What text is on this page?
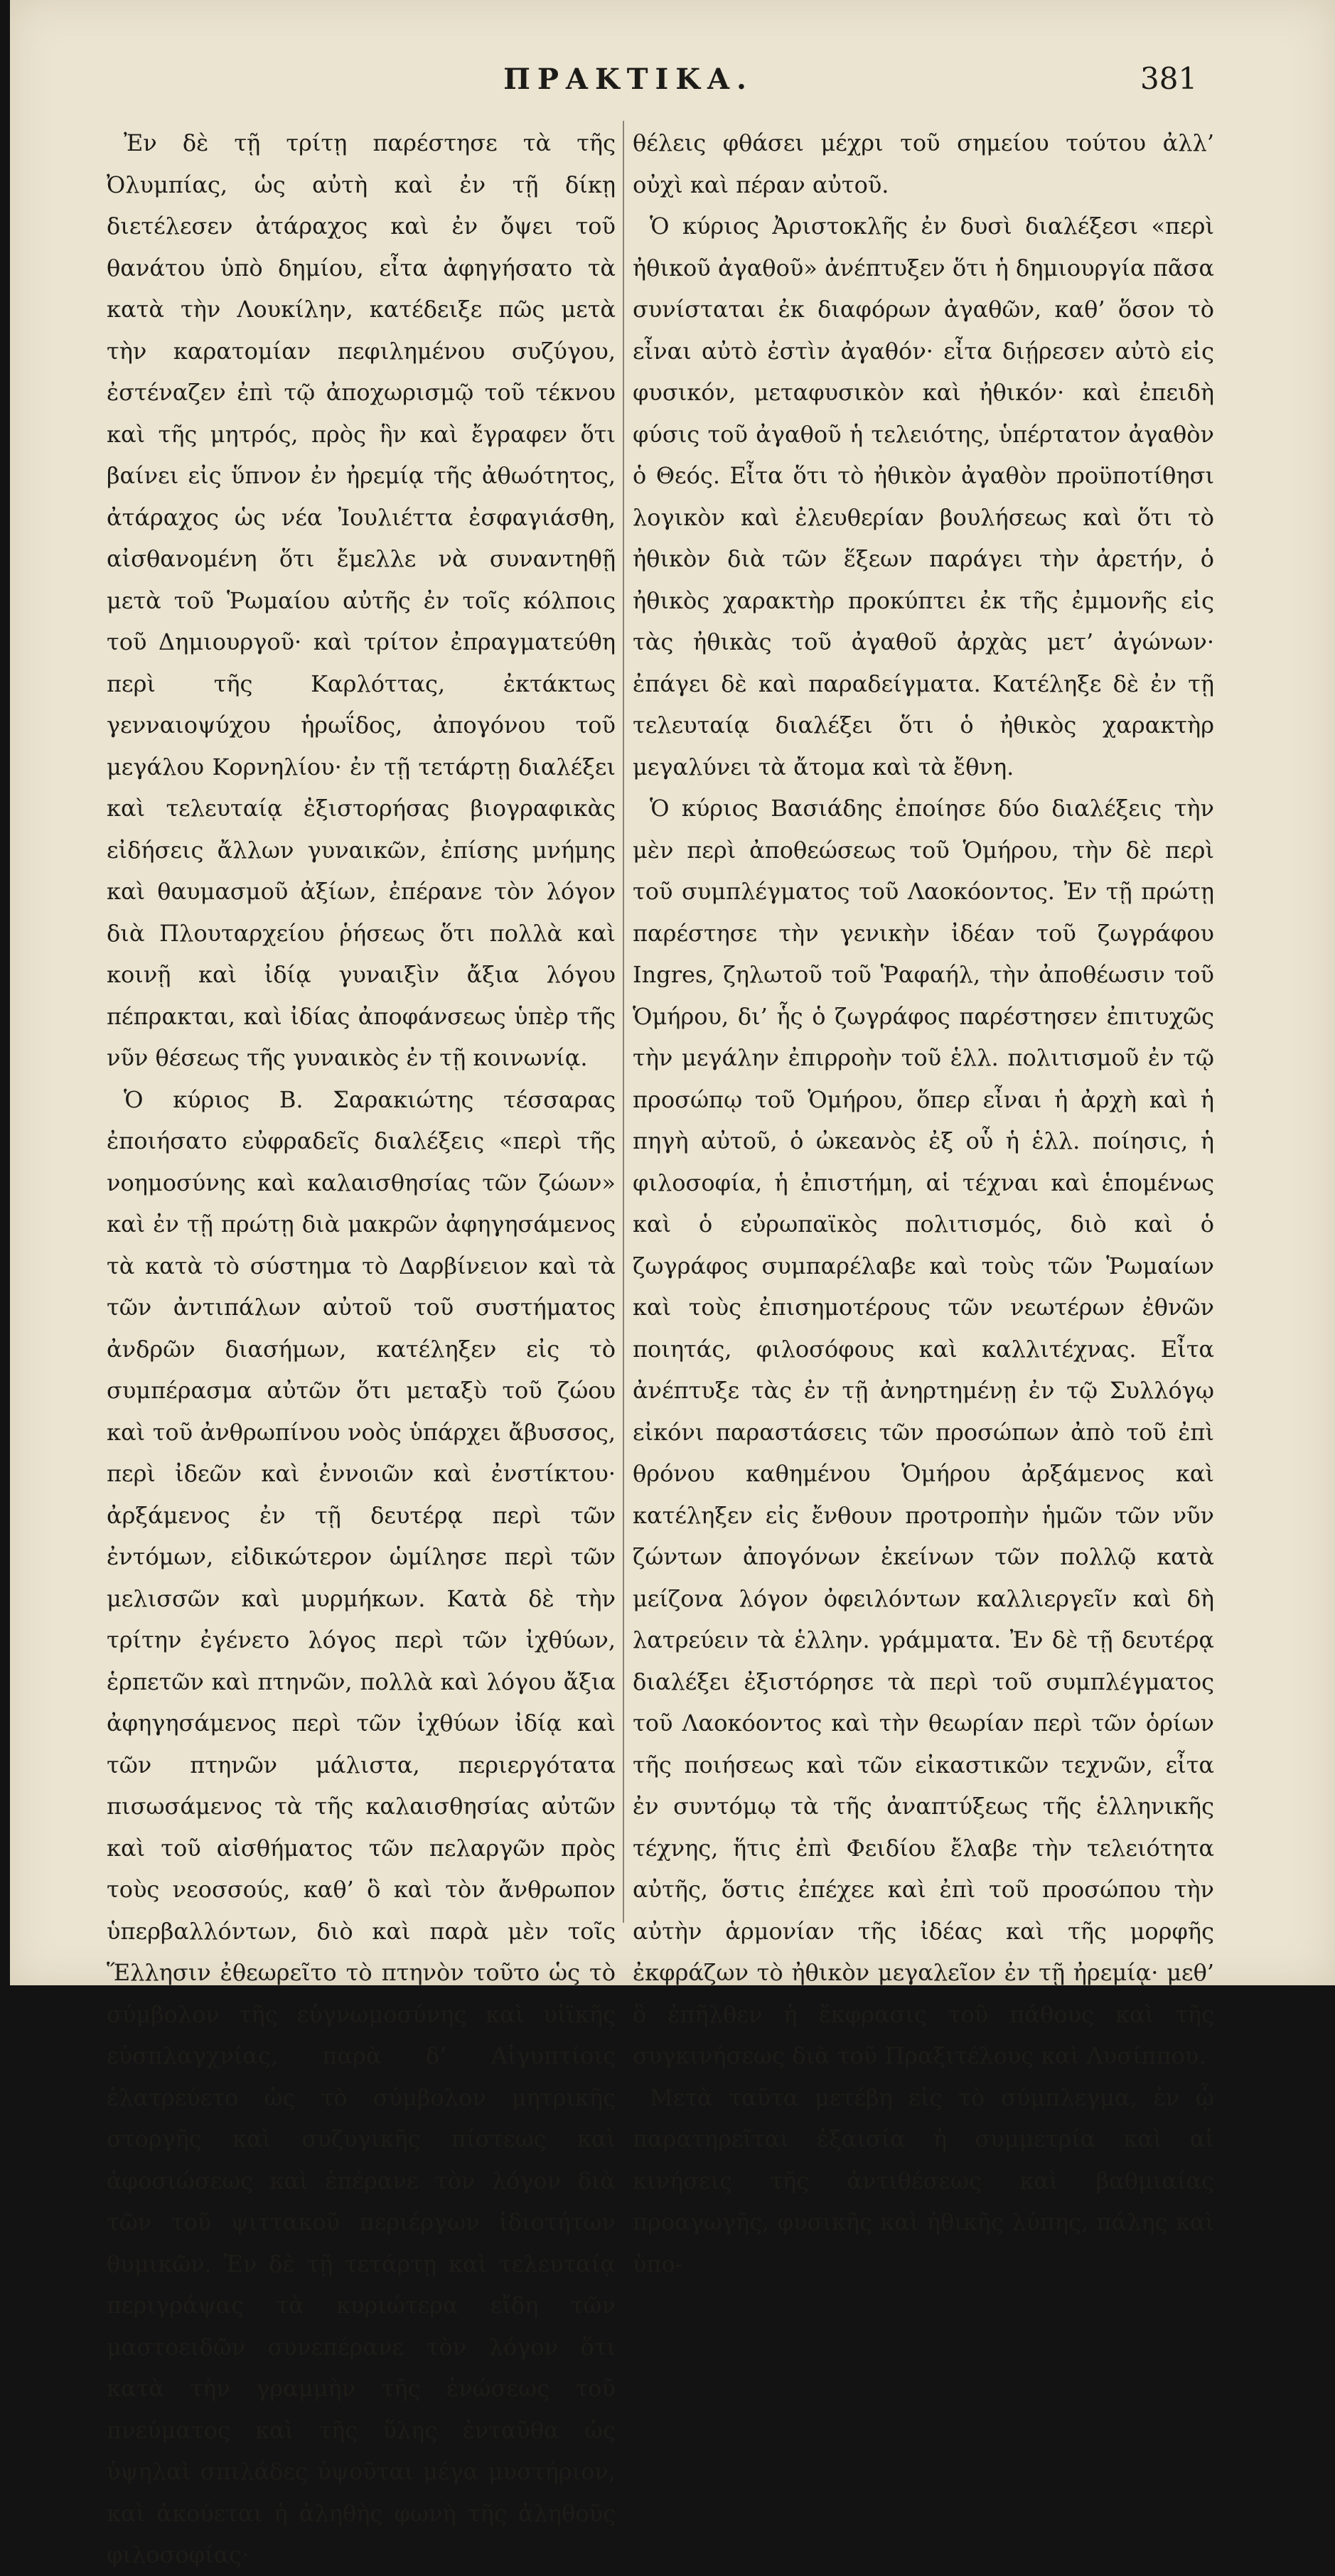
ΠΡΑΚΤΙΚΑ.	381

Ἐν δὲ τῇ τρίτῃ παρέστησε τὰ τῆς Ὀλυμπίας, ὡς αὐτὴ καὶ ἐν τῇ δίκῃ διετέλεσεν ἀτάραχος καὶ ἐν ὄψει τοῦ θανάτου ὑπὸ δημίου, εἶτα ἀφηγήσατο τὰ κατὰ τὴν Λουκίλην, κατέδειξε πῶς μετὰ τὴν καρατομίαν πεφιλημένου συζύγου, ἐστέναζεν ἐπὶ τῷ ἀποχωρισμῷ τοῦ τέκνου καὶ τῆς μητρός, πρὸς ἣν καὶ ἔγραφεν ὅτι βαίνει εἰς ὕπνον ἐν ἠρεμίᾳ τῆς ἀθωότητος, ἀτάραχος ὡς νέα Ἰουλιέττα ἐσφαγιάσθη, αἰσθανομένη ὅτι ἔμελλε νὰ συναντηθῇ μετὰ τοῦ Ῥωμαίου αὐτῆς ἐν τοῖς κόλποις τοῦ Δημιουργοῦ· καὶ τρίτον ἐπραγματεύθη περὶ τῆς Καρλόττας, ἐκτάκτως γενναιοψύχου ἡρωΐδος, ἀπογόνου τοῦ μεγάλου Κορνηλίου· ἐν τῇ τετάρτῃ διαλέξει καὶ τελευταίᾳ ἐξιστορήσας βιογραφικὰς εἰδήσεις ἄλλων γυναικῶν, ἐπίσης μνήμης καὶ θαυμασμοῦ ἀξίων, ἐπέρανε τὸν λόγον διὰ Πλουταρχείου ῥήσεως ὅτι πολλὰ καὶ κοινῇ καὶ ἰδίᾳ γυναιξὶν ἄξια λόγου πέπρακται, καὶ ἰδίας ἀποφάνσεως ὑπὲρ τῆς νῦν θέσεως τῆς γυναικὸς ἐν τῇ κοινωνίᾳ.

Ὁ κύριος Β. Σαρακιώτης τέσσαρας ἐποιήσατο εὐφραδεῖς διαλέξεις «περὶ τῆς νοημοσύνης καὶ καλαισθησίας τῶν ζώων» καὶ ἐν τῇ πρώτῃ διὰ μακρῶν ἀφηγησάμενος τὰ κατὰ τὸ σύστημα τὸ Δαρβίνειον καὶ τὰ τῶν ἀντιπάλων αὐτοῦ τοῦ συστήματος ἀνδρῶν διασήμων, κατέληξεν εἰς τὸ συμπέρασμα αὐτῶν ὅτι μεταξὺ τοῦ ζώου καὶ τοῦ ἀνθρωπίνου νοὸς ὑπάρχει ἄβυσσος, περὶ ἰδεῶν καὶ ἐννοιῶν καὶ ἐνστίκτου· ἀρξάμενος ἐν τῇ δευτέρᾳ περὶ τῶν ἐντόμων, εἰδικώτερον ὡμίλησε περὶ τῶν μελισσῶν καὶ μυρμήκων. Κατὰ δὲ τὴν τρίτην ἐγένετο λόγος περὶ τῶν ἰχθύων, ἑρπετῶν καὶ πτηνῶν, πολλὰ καὶ λόγου ἄξια ἀφηγησάμενος περὶ τῶν ἰχθύων ἰδίᾳ καὶ τῶν πτηνῶν μάλιστα, περιεργότατα πισωσάμενος τὰ τῆς καλαισθησίας αὐτῶν καὶ τοῦ αἰσθήματος τῶν πελαργῶν πρὸς τοὺς νεοσσούς, καθ’ ὃ καὶ τὸν ἄνθρωπον ὑπερβαλλόντων, διὸ καὶ παρὰ μὲν τοῖς Ἕλλησιν ἐθεωρεῖτο τὸ πτηνὸν τοῦτο ὡς τὸ σύμβολον τῆς εὐγνωμοσύνης καὶ υἱϊκῆς εὐσπλαγχνίας, παρὰ δ’ Αἰγυπτίοις ἐλατρεύετο ὡς τὸ σύμβολον μητρικῆς στοργῆς καὶ συζυγικῆς πίστεως καὶ ἀφοσιώσεως καὶ ἐπέρανε τὸν λόγον διὰ τῶν τοῦ ψιττακοῦ περιέργων ἰδιοτήτων θυμικῶν. Ἐν δὲ τῇ τετάρτῃ καὶ τελευταίᾳ περιγράψας τὰ κυριώτερα εἴδη τῶν μαστοειδῶν συνεπέρανε τὸν λόγον ὅτι κατὰ τὴν γραμμὴν τῆς ἑνώσεως τοῦ πνεύματος καὶ τῆς ὕλης ἐνταῦθα ὡς ὑψηλαὶ σπιλάδες ὑψοῦται μέγα μυστήριον, καὶ ἀκούεται ἡ ἀληθὴς φωνὴ τῆς ἀληθοῦς φιλοσοφίας·

θέλεις φθάσει μέχρι τοῦ σημείου τούτου ἀλλ’ οὐχὶ καὶ πέραν αὐτοῦ.

Ὁ κύριος Ἀριστοκλῆς ἐν δυσὶ διαλέξεσι «περὶ ἠθικοῦ ἀγαθοῦ» ἀνέπτυξεν ὅτι ἡ δημιουργία πᾶσα συνίσταται ἐκ διαφόρων ἀγαθῶν, καθ’ ὅσον τὸ εἶναι αὐτὸ ἐστὶν ἀγαθόν· εἶτα διῄρεσεν αὐτὸ εἰς φυσικόν, μεταφυσικὸν καὶ ἠθικόν· καὶ ἐπειδὴ φύσις τοῦ ἀγαθοῦ ἡ τελειότης, ὑπέρτατον ἀγαθὸν ὁ Θεός. Εἶτα ὅτι τὸ ἠθικὸν ἀγαθὸν προϋποτίθησι λογικὸν καὶ ἐλευθερίαν βουλήσεως καὶ ὅτι τὸ ἠθικὸν διὰ τῶν ἕξεων παράγει τὴν ἀρετήν, ὁ ἠθικὸς χαρακτὴρ προκύπτει ἐκ τῆς ἐμμονῆς εἰς τὰς ἠθικὰς τοῦ ἀγαθοῦ ἀρχὰς μετ’ ἀγώνων· ἐπάγει δὲ καὶ παραδείγματα. Κατέληξε δὲ ἐν τῇ τελευταίᾳ διαλέξει ὅτι ὁ ἠθικὸς χαρακτὴρ μεγαλύνει τὰ ἄτομα καὶ τὰ ἔθνη.

Ὁ κύριος Βασιάδης ἐποίησε δύο διαλέξεις τὴν μὲν περὶ ἀποθεώσεως τοῦ Ὁμήρου, τὴν δὲ περὶ τοῦ συμπλέγματος τοῦ Λαοκόοντος. Ἐν τῇ πρώτῃ παρέστησε τὴν γενικὴν ἰδέαν τοῦ ζωγράφου Ingres, ζηλωτοῦ τοῦ Ῥαφαήλ, τὴν ἀποθέωσιν τοῦ Ὁμήρου, δι’ ἧς ὁ ζωγράφος παρέστησεν ἐπιτυχῶς τὴν μεγάλην ἐπιρροὴν τοῦ ἑλλ. πολιτισμοῦ ἐν τῷ προσώπῳ τοῦ Ὁμήρου, ὅπερ εἶναι ἡ ἀρχὴ καὶ ἡ πηγὴ αὐτοῦ, ὁ ὠκεανὸς ἐξ οὗ ἡ ἑλλ. ποίησις, ἡ φιλοσοφία, ἡ ἐπιστήμη, αἱ τέχναι καὶ ἑπομένως καὶ ὁ εὐρωπαϊκὸς πολιτισμός, διὸ καὶ ὁ ζωγράφος συμπαρέλαβε καὶ τοὺς τῶν Ῥωμαίων καὶ τοὺς ἐπισημοτέρους τῶν νεωτέρων ἐθνῶν ποιητάς, φιλοσόφους καὶ καλλιτέχνας. Εἶτα ἀνέπτυξε τὰς ἐν τῇ ἀνηρτημένῃ ἐν τῷ Συλλόγῳ εἰκόνι παραστάσεις τῶν προσώπων ἀπὸ τοῦ ἐπὶ θρόνου καθημένου Ὁμήρου ἀρξάμενος καὶ κατέληξεν εἰς ἔνθουν προτροπὴν ἡμῶν τῶν νῦν ζώντων ἀπογόνων ἐκείνων τῶν πολλῷ κατὰ μείζονα λόγον ὀφειλόντων καλλιεργεῖν καὶ δὴ λατρεύειν τὰ ἑλλην. γράμματα. Ἐν δὲ τῇ δευτέρᾳ διαλέξει ἐξιστόρησε τὰ περὶ τοῦ συμπλέγματος τοῦ Λαοκόοντος καὶ τὴν θεωρίαν περὶ τῶν ὁρίων τῆς ποιήσεως καὶ τῶν εἰκαστικῶν τεχνῶν, εἶτα ἐν συντόμῳ τὰ τῆς ἀναπτύξεως τῆς ἑλληνικῆς τέχνης, ἥτις ἐπὶ Φειδίου ἔλαβε τὴν τελειότητα αὐτῆς, ὅστις ἐπέχεε καὶ ἐπὶ τοῦ προσώπου τὴν αὐτὴν ἁρμονίαν τῆς ἰδέας καὶ τῆς μορφῆς ἐκφράζων τὸ ἠθικὸν μεγαλεῖον ἐν τῇ ἠρεμίᾳ· μεθ’ ὃ ἐπῆλθεν ἡ ἔκφρασις τοῦ πάθους καὶ τῆς συγκινήσεως διὰ τοῦ Πραξιτέλους καὶ Λυσίππου.

Μετὰ ταῦτα μετέβη εἰς τὸ σύμπλεγμα, ἐν ᾧ παρατηρεῖται ἐξαισία ἡ συμμετρία καὶ αἱ κινήσεις τῆς ἀντιθέσεως καὶ βαθμιαίας προαγωγῆς, φυσικῆς καὶ ἠθικῆς λύπης, πάλης καὶ ὑπο-
